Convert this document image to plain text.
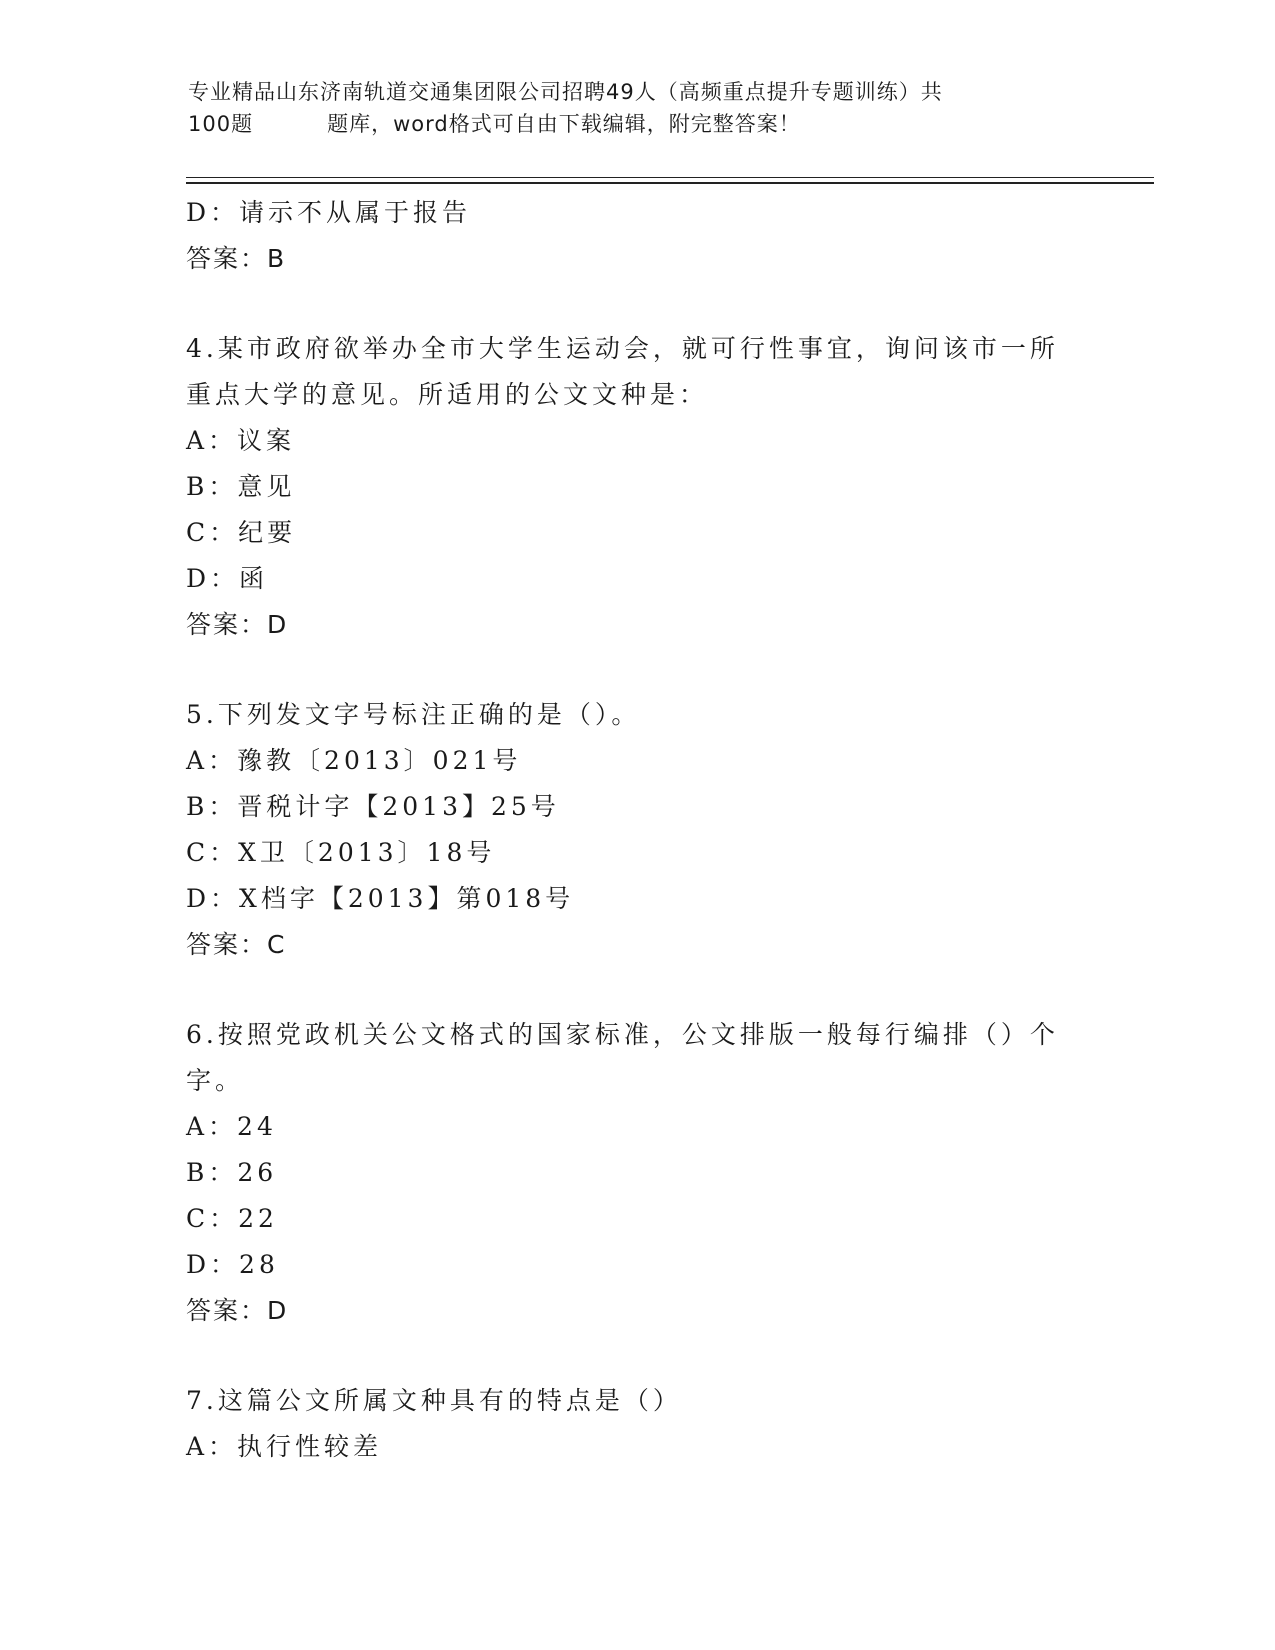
专业精品山东济南轨道交通集团限公司招聘49人（高频重点提升专题训练）共
100题	题库，word格式可自由下载编辑，附完整答案！
D：请示不从属于报告
答案：B
4.某市政府欲举办全市大学生运动会，就可行性事宜，询问该市一所
重点大学的意见。所适用的公文文种是：
A：议案
B：意见
C：纪要
D：函
答案：D
5.下列发文字号标注正确的是（）。
A：豫教〔2013〕021号
B：晋税计字【2013】25号
C：X卫〔2013〕18号
D：X档字【2013】第018号
答案：C
6.按照党政机关公文格式的国家标准，公文排版一般每行编排（）个
字。
A：24
B：26
C：22
D：28
答案：D
7.这篇公文所属文种具有的特点是（）
A：执行性较差
